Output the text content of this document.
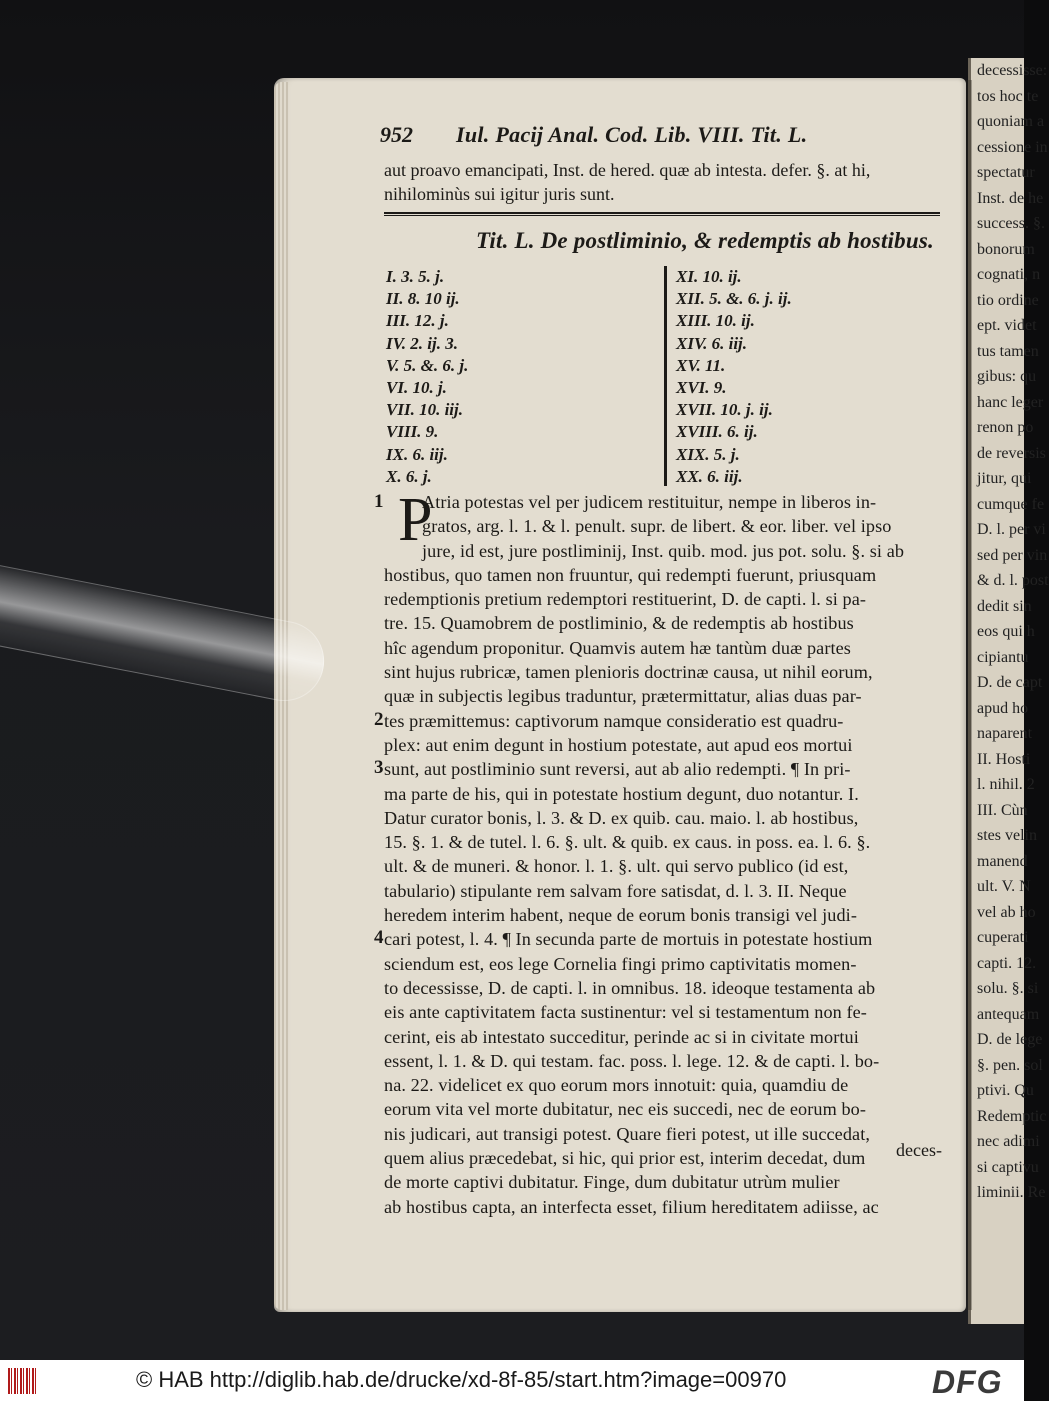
decessisse:
tos hoc te
quoniam a
cessione in
spectatur
Inst. de he
success. §.
bonorum
cognati, n
tio ordine
ept. videt
tus tamen
gibus: qu
hanc leger
renon po
de reversis
jitur, qui
cumque fe
D. l. per vi
sed per vin
& d. l. post
dedit sin
eos qui h
cipiantu
D. de capt
apud ho
naparent
II. Hosti
l. nihil. 2
III. Cùn
stes velin
manend
ult. V. N
vel ab ho
cuperati
capti. 12.
solu. §. si
antequam
D. de lege
§. pen. sol
ptivi. Qu
Redemptic
nec adimi
si captivu
liminii. Re
952 Iul. Pacij Anal. Cod. Lib. VIII. Tit. L.
aut proavo emancipati, Inst. de hered. quæ ab intesta. defer. §. at hi,
nihilominùs sui igitur juris sunt.
Tit. L. De postliminio, & redemptis ab hostibus.
I. 3. 5. j.
II. 8. 10 ij.
III. 12. j.
IV. 2. ij. 3.
V. 5. &. 6. j.
VI. 10. j.
VII. 10. iij.
VIII. 9.
IX. 6. iij.
X. 6. j.
XI. 10. ij.
XII. 5. &. 6. j. ij.
XIII. 10. ij.
XIV. 6. iij.
XV. 11.
XVI. 9.
XVII. 10. j. ij.
XVIII. 6. ij.
XIX. 5. j.
XX. 6. iij.
P
1
2
3
4
Atria potestas vel per judicem restituitur, nempe in liberos in-
gratos, arg. l. 1. & l. penult. supr. de libert. & eor. liber. vel ipso
jure, id est, jure postliminij, Inst. quib. mod. jus pot. solu. §. si ab
hostibus, quo tamen non fruuntur, qui redempti fuerunt, priusquam
redemptionis pretium redemptori restituerint, D. de capti. l. si pa-
tre. 15. Quamobrem de postliminio, & de redemptis ab hostibus
hîc agendum proponitur. Quamvis autem hæ tantùm duæ partes
sint hujus rubricæ, tamen plenioris doctrinæ causa, ut nihil eorum,
quæ in subjectis legibus traduntur, prætermittatur, alias duas par-
tes præmittemus: captivorum namque consideratio est quadru-
plex: aut enim degunt in hostium potestate, aut apud eos mortui
sunt, aut postliminio sunt reversi, aut ab alio redempti. ¶ In pri-
ma parte de his, qui in potestate hostium degunt, duo notantur. I.
Datur curator bonis, l. 3. & D. ex quib. cau. maio. l. ab hostibus,
15. §. 1. & de tutel. l. 6. §. ult. & quib. ex caus. in poss. ea. l. 6. §.
ult. & de muneri. & honor. l. 1. §. ult. qui servo publico (id est,
tabulario) stipulante rem salvam fore satisdat, d. l. 3. II. Neque
heredem interim habent, neque de eorum bonis transigi vel judi-
cari potest, l. 4. ¶ In secunda parte de mortuis in potestate hostium
sciendum est, eos lege Cornelia fingi primo captivitatis momen-
to decessisse, D. de capti. l. in omnibus. 18. ideoque testamenta ab
eis ante captivitatem facta sustinentur: vel si testamentum non fe-
cerint, eis ab intestato succeditur, perinde ac si in civitate mortui
essent, l. 1. & D. qui testam. fac. poss. l. lege. 12. & de capti. l. bo-
na. 22. videlicet ex quo eorum mors innotuit: quia, quamdiu de
eorum vita vel morte dubitatur, nec eis succedi, nec de eorum bo-
nis judicari, aut transigi potest. Quare fieri potest, ut ille succedat,
quem alius præcedebat, si hic, qui prior est, interim decedat, dum
de morte captivi dubitatur. Finge, dum dubitatur utrùm mulier
ab hostibus capta, an interfecta esset, filium hereditatem adiisse, ac
deces-
© HAB http://diglib.hab.de/drucke/xd-8f-85/start.htm?image=00970	DFG
